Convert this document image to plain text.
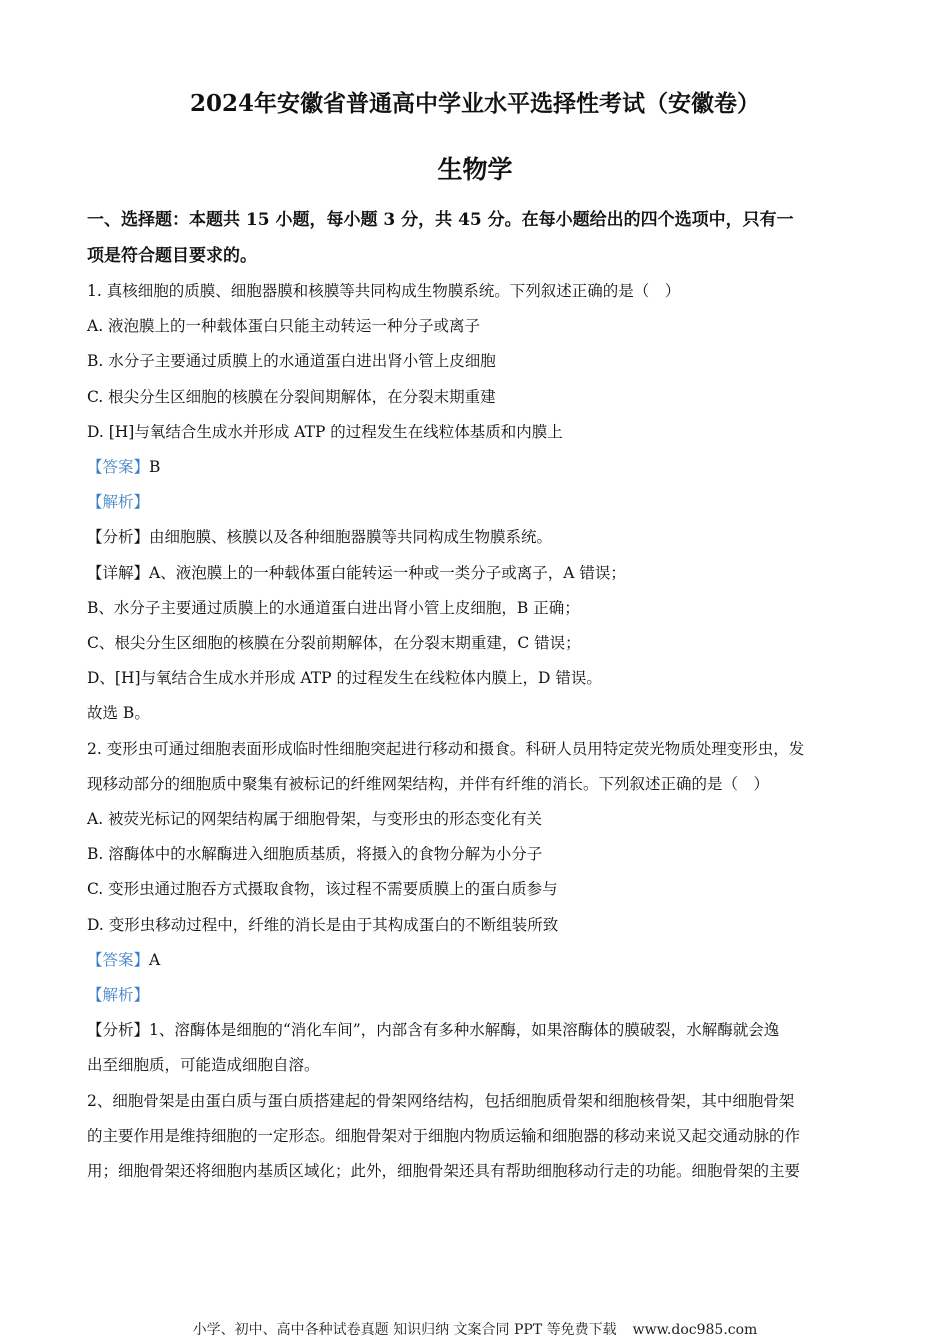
2024年安徽省普通高中学业水平选择性考试（安徽卷）
生物学

一、选择题：本题共 15 小题，每小题 3 分，共 45 分。在每小题给出的四个选项中，只有一

项是符合题目要求的。

1. 真核细胞的质膜、细胞器膜和核膜等共同构成生物膜系统。下列叙述正确的是（　）

A. 液泡膜上的一种载体蛋白只能主动转运一种分子或离子

B. 水分子主要通过质膜上的水通道蛋白进出肾小管上皮细胞

C. 根尖分生区细胞的核膜在分裂间期解体，在分裂末期重建

D. [H]与氧结合生成水并形成 ATP 的过程发生在线粒体基质和内膜上

【答案】B

【解析】

【分析】由细胞膜、核膜以及各种细胞器膜等共同构成生物膜系统。

【详解】A、液泡膜上的一种载体蛋白能转运一种或一类分子或离子，A 错误；

B、水分子主要通过质膜上的水通道蛋白进出肾小管上皮细胞，B 正确；

C、根尖分生区细胞的核膜在分裂前期解体，在分裂末期重建，C 错误；

D、[H]与氧结合生成水并形成 ATP 的过程发生在线粒体内膜上，D 错误。

故选 B。

2. 变形虫可通过细胞表面形成临时性细胞突起进行移动和摄食。科研人员用特定荧光物质处理变形虫，发

现移动部分的细胞质中聚集有被标记的纤维网架结构，并伴有纤维的消长。下列叙述正确的是（　）

A. 被荧光标记的网架结构属于细胞骨架，与变形虫的形态变化有关

B. 溶酶体中的水解酶进入细胞质基质，将摄入的食物分解为小分子

C. 变形虫通过胞吞方式摄取食物，该过程不需要质膜上的蛋白质参与

D. 变形虫移动过程中，纤维的消长是由于其构成蛋白的不断组装所致

【答案】A

【解析】

【分析】1、溶酶体是细胞的“消化车间”，内部含有多种水解酶，如果溶酶体的膜破裂，水解酶就会逸

出至细胞质，可能造成细胞自溶。

2、细胞骨架是由蛋白质与蛋白质搭建起的骨架网络结构，包括细胞质骨架和细胞核骨架，其中细胞骨架

的主要作用是维持细胞的一定形态。细胞骨架对于细胞内物质运输和细胞器的移动来说又起交通动脉的作

用；细胞骨架还将细胞内基质区域化；此外，细胞骨架还具有帮助细胞移动行走的功能。细胞骨架的主要

小学、初中、高中各种试卷真题 知识归纳 文案合同 PPT 等免费下载 www.doc985.com
